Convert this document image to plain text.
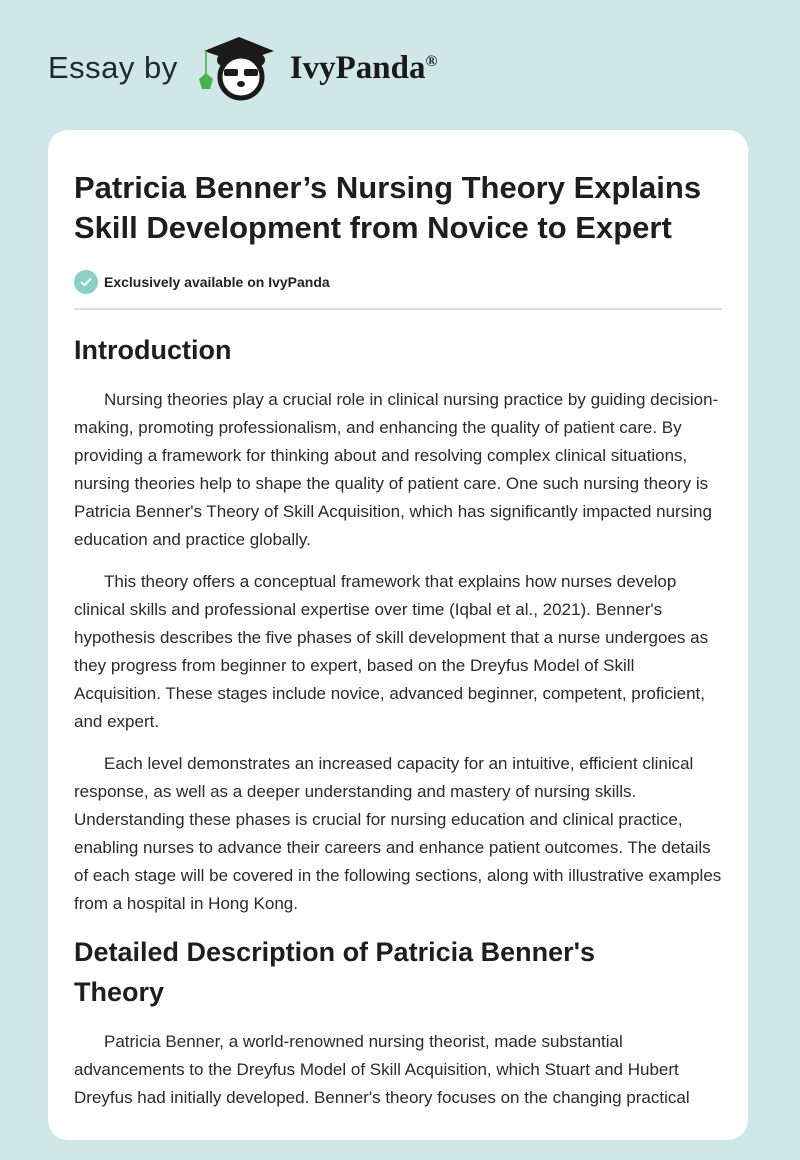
Essay by	IvyPanda®
Patricia Benner’s Nursing Theory Explains Skill Development from Novice to Expert
Exclusively available on IvyPanda
Introduction

Nursing theories play a crucial role in clinical nursing practice by guiding decision-making, promoting professionalism, and enhancing the quality of patient care. By providing a framework for thinking about and resolving complex clinical situations, nursing theories help to shape the quality of patient care. One such nursing theory is Patricia Benner's Theory of Skill Acquisition, which has significantly impacted nursing education and practice globally.

This theory offers a conceptual framework that explains how nurses develop clinical skills and professional expertise over time (Iqbal et al., 2021). Benner's hypothesis describes the five phases of skill development that a nurse undergoes as they progress from beginner to expert, based on the Dreyfus Model of Skill Acquisition. These stages include novice, advanced beginner, competent, proficient, and expert.

Each level demonstrates an increased capacity for an intuitive, efficient clinical response, as well as a deeper understanding and mastery of nursing skills. Understanding these phases is crucial for nursing education and clinical practice, enabling nurses to advance their careers and enhance patient outcomes. The details of each stage will be covered in the following sections, along with illustrative examples from a hospital in Hong Kong.

Detailed Description of Patricia Benner's Theory

Patricia Benner, a world-renowned nursing theorist, made substantial advancements to the Dreyfus Model of Skill Acquisition, which Stuart and Hubert Dreyfus had initially developed. Benner's theory focuses on the changing practical
